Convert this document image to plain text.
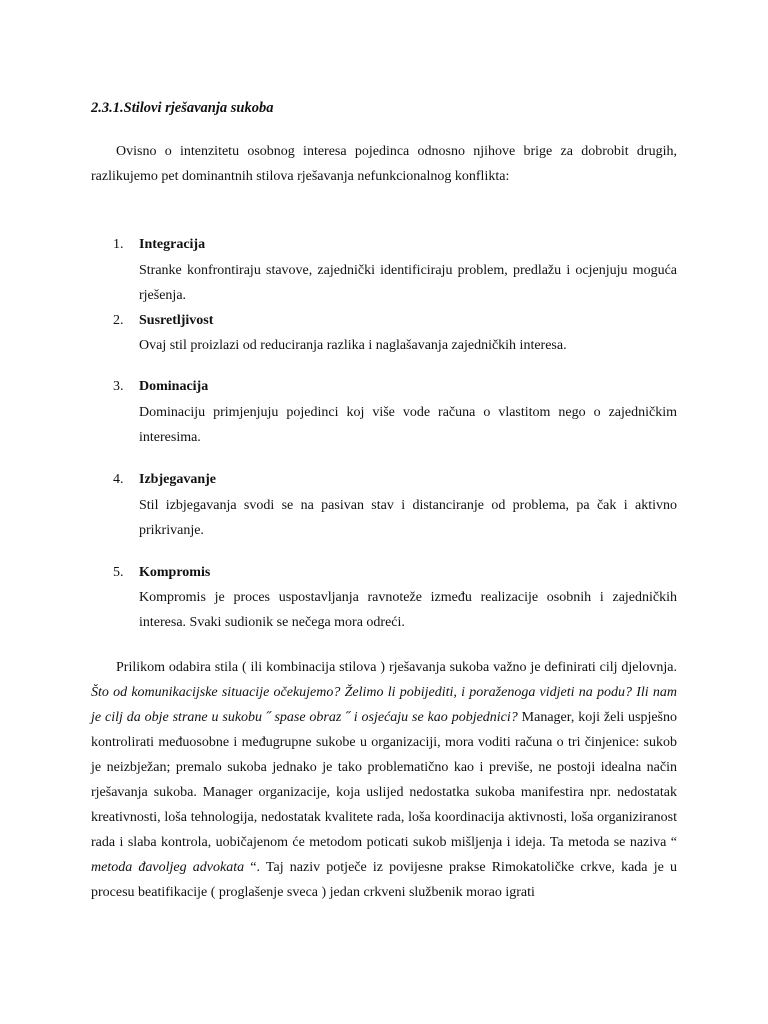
2.3.1.Stilovi rješavanja sukoba
Ovisno o intenzitetu osobnog interesa pojedinca odnosno njihove brige za dobrobit drugih, razlikujemo pet dominantnih stilova rješavanja nefunkcionalnog konflikta:
1. Integracija
Stranke konfrontiraju stavove, zajednički identificiraju problem, predlažu i ocjenjuju moguća rješenja.
2. Susretljivost
Ovaj stil proizlazi od reduciranja razlika i naglašavanja zajedničkih interesa.
3. Dominacija
Dominaciju primjenjuju pojedinci koj više vode računa o vlastitom nego o zajedničkim interesima.
4. Izbjegavanje
Stil izbjegavanja svodi se na pasivan stav i distanciranje od problema, pa čak i aktivno prikrivanje.
5. Kompromis
Kompromis je proces uspostavljanja ravnoteže između realizacije osobnih i zajedničkih interesa. Svaki sudionik se nečega mora odreći.
Prilikom odabira stila ( ili kombinacija stilova ) rješavanja sukoba važno je definirati cilj djelovnja. Što od komunikacijske situacije očekujemo? Želimo li pobijediti, i poraženoga vidjeti na podu? Ili nam je cilj da obje strane u sukobu ˝ spase obraz ˝ i osjećaju se kao pobjednici? Manager, koji želi uspješno kontrolirati međuosobne i međugrupne sukobe u organizaciji, mora voditi računa o tri činjenice: sukob je neizbježan; premalo sukoba jednako je tako problematično kao i previše, ne postoji idealna način rješavanja sukoba. Manager organizacije, koja uslijed nedostatka sukoba manifestira npr. nedostatak kreativnosti, loša tehnologija, nedostatak kvalitete rada, loša koordinacija aktivnosti, loša organiziranost rada i slaba kontrola, uobičajenom će metodom poticati sukob mišljenja i ideja. Ta metoda se naziva “ metoda đavoljeg advokata “. Taj naziv potječe iz povijesne prakse Rimokatoličke crkve, kada je u procesu beatifikacije ( proglašenje sveca ) jedan crkveni službenik morao igrati
